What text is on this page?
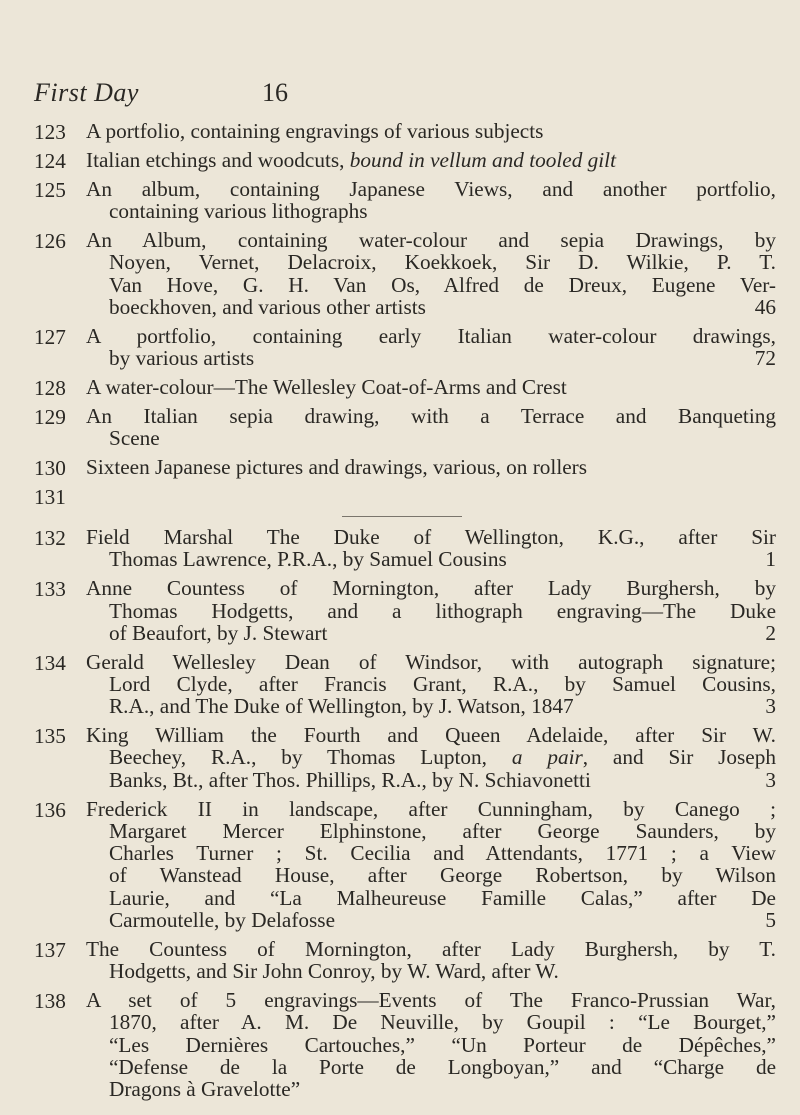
First Day	16
123 A portfolio, containing engravings of various subjects
124 Italian etchings and woodcuts, bound in vellum and tooled gilt
125 An album, containing Japanese Views, and another portfolio,
containing various lithographs
126 An Album, containing water-colour and sepia Drawings, by
Noyen, Vernet, Delacroix, Koekkoek, Sir D. Wilkie, P. T.
Van Hove, G. H. Van Os, Alfred de Dreux, Eugene Ver-
boeckhoven, and various other artists	46
127 A portfolio, containing early Italian water-colour drawings,
by various artists	72
128 A water-colour—The Wellesley Coat-of-Arms and Crest
129 An Italian sepia drawing, with a Terrace and Banqueting
Scene
130 Sixteen Japanese pictures and drawings, various, on rollers
131
132 Field Marshal The Duke of Wellington, K.G., after Sir
Thomas Lawrence, P.R.A., by Samuel Cousins	1
133 Anne Countess of Mornington, after Lady Burghersh, by
Thomas Hodgetts, and a lithograph engraving—The Duke
of Beaufort, by J. Stewart	2
134 Gerald Wellesley Dean of Windsor, with autograph signature;
Lord Clyde, after Francis Grant, R.A., by Samuel Cousins,
R.A., and The Duke of Wellington, by J. Watson, 1847	3
135 King William the Fourth and Queen Adelaide, after Sir W.
Beechey, R.A., by Thomas Lupton, a pair, and Sir Joseph
Banks, Bt., after Thos. Phillips, R.A., by N. Schiavonetti	3
136 Frederick II in landscape, after Cunningham, by Canego ;
Margaret Mercer Elphinstone, after George Saunders, by
Charles Turner ; St. Cecilia and Attendants, 1771 ; a View
of Wanstead House, after George Robertson, by Wilson
Laurie, and “La Malheureuse Famille Calas,” after De
Carmoutelle, by Delafosse	5
137 The Countess of Mornington, after Lady Burghersh, by T.
Hodgetts, and Sir John Conroy, by W. Ward, after W.
138 A set of 5 engravings—Events of The Franco-Prussian War,
1870, after A. M. De Neuville, by Goupil : “Le Bourget,”
“Les Dernières Cartouches,” “Un Porteur de Dépêches,”
“Defense de la Porte de Longboyan,” and “Charge de
Dragons à Gravelotte”
